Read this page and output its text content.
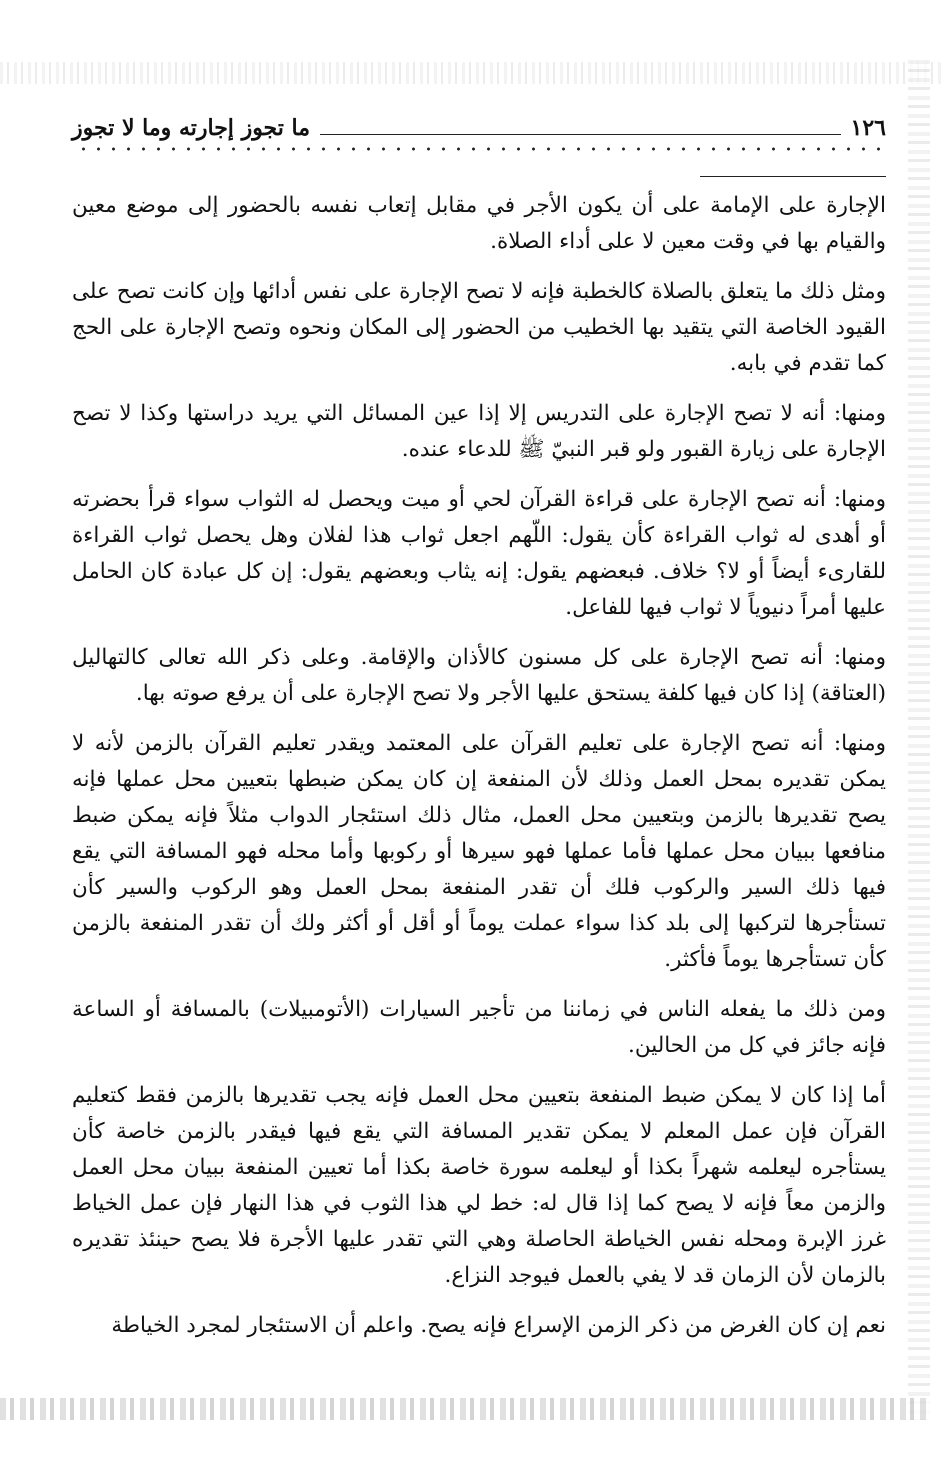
١٢٦
ما تجوز إجارته وما لا تجوز

الإجارة على الإمامة على أن يكون الأجر في مقابل إتعاب نفسه بالحضور إلى موضع معين والقيام بها في وقت معين لا على أداء الصلاة.

ومثل ذلك ما يتعلق بالصلاة كالخطبة فإنه لا تصح الإجارة على نفس أدائها وإن كانت تصح على القيود الخاصة التي يتقيد بها الخطيب من الحضور إلى المكان ونحوه وتصح الإجارة على الحج كما تقدم في بابه.

ومنها: أنه لا تصح الإجارة على التدريس إلا إذا عين المسائل التي يريد دراستها وكذا لا تصح الإجارة على زيارة القبور ولو قبر النبيّ ﷺ للدعاء عنده.

ومنها: أنه تصح الإجارة على قراءة القرآن لحي أو ميت ويحصل له الثواب سواء قرأ بحضرته أو أهدى له ثواب القراءة كأن يقول: اللّهم اجعل ثواب هذا لفلان وهل يحصل ثواب القراءة للقارىء أيضاً أو لا؟ خلاف. فبعضهم يقول: إنه يثاب وبعضهم يقول: إن كل عبادة كان الحامل عليها أمراً دنيوياً لا ثواب فيها للفاعل.

ومنها: أنه تصح الإجارة على كل مسنون كالأذان والإقامة. وعلى ذكر الله تعالى كالتهاليل (العتاقة) إذا كان فيها كلفة يستحق عليها الأجر ولا تصح الإجارة على أن يرفع صوته بها.

ومنها: أنه تصح الإجارة على تعليم القرآن على المعتمد ويقدر تعليم القرآن بالزمن لأنه لا يمكن تقديره بمحل العمل وذلك لأن المنفعة إن كان يمكن ضبطها بتعيين محل عملها فإنه يصح تقديرها بالزمن وبتعيين محل العمل، مثال ذلك استئجار الدواب مثلاً فإنه يمكن ضبط منافعها ببيان محل عملها فأما عملها فهو سيرها أو ركوبها وأما محله فهو المسافة التي يقع فيها ذلك السير والركوب فلك أن تقدر المنفعة بمحل العمل وهو الركوب والسير كأن تستأجرها لتركبها إلى بلد كذا سواء عملت يوماً أو أقل أو أكثر ولك أن تقدر المنفعة بالزمن كأن تستأجرها يوماً فأكثر.

ومن ذلك ما يفعله الناس في زماننا من تأجير السيارات (الأتومبيلات) بالمسافة أو الساعة فإنه جائز في كل من الحالين.

أما إذا كان لا يمكن ضبط المنفعة بتعيين محل العمل فإنه يجب تقديرها بالزمن فقط كتعليم القرآن فإن عمل المعلم لا يمكن تقدير المسافة التي يقع فيها فيقدر بالزمن خاصة كأن يستأجره ليعلمه شهراً بكذا أو ليعلمه سورة خاصة بكذا أما تعيين المنفعة ببيان محل العمل والزمن معاً فإنه لا يصح كما إذا قال له: خط لي هذا الثوب في هذا النهار فإن عمل الخياط غرز الإبرة ومحله نفس الخياطة الحاصلة وهي التي تقدر عليها الأجرة فلا يصح حينئذ تقديره بالزمان لأن الزمان قد لا يفي بالعمل فيوجد النزاع.

نعم إن كان الغرض من ذكر الزمن الإسراع فإنه يصح. واعلم أن الاستئجار لمجرد الخياطة
